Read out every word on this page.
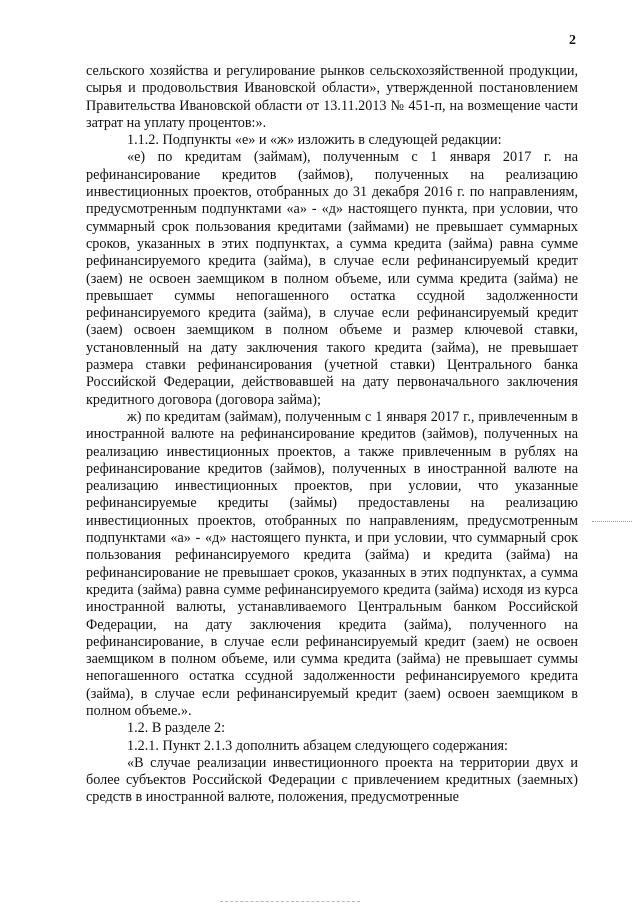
2

сельского хозяйства и регулирование рынков сельскохозяйственной продукции, сырья и продовольствия Ивановской области», утвержденной постановлением Правительства Ивановской области от 13.11.2013 № 451-п, на возмещение части затрат на уплату процентов:».

1.1.2. Подпункты «е» и «ж» изложить в следующей редакции:

«е) по кредитам (займам), полученным с 1 января 2017 г. на рефинансирование кредитов (займов), полученных на реализацию инвестиционных проектов, отобранных до 31 декабря 2016 г. по направлениям, предусмотренным подпунктами «а» - «д» настоящего пункта, при условии, что суммарный срок пользования кредитами (займами) не превышает суммарных сроков, указанных в этих подпунктах, а сумма кредита (займа) равна сумме рефинансируемого кредита (займа), в случае если рефинансируемый кредит (заем) не освоен заемщиком в полном объеме, или сумма кредита (займа) не превышает суммы непогашенного остатка ссудной задолженности рефинансируемого кредита (займа), в случае если рефинансируемый кредит (заем) освоен заемщиком в полном объеме и размер ключевой ставки, установленный на дату заключения такого кредита (займа), не превышает размера ставки рефинансирования (учетной ставки) Центрального банка Российской Федерации, действовавшей на дату первоначального заключения кредитного договора (договора займа);

ж) по кредитам (займам), полученным с 1 января 2017 г., привлеченным в иностранной валюте на рефинансирование кредитов (займов), полученных на реализацию инвестиционных проектов, а также привлеченным в рублях на рефинансирование кредитов (займов), полученных в иностранной валюте на реализацию инвестиционных проектов, при условии, что указанные рефинансируемые кредиты (займы) предоставлены на реализацию инвестиционных проектов, отобранных по направлениям, предусмотренным подпунктами «а» - «д» настоящего пункта, и при условии, что суммарный срок пользования рефинансируемого кредита (займа) и кредита (займа) на рефинансирование не превышает сроков, указанных в этих подпунктах, а сумма кредита (займа) равна сумме рефинансируемого кредита (займа) исходя из курса иностранной валюты, устанавливаемого Центральным банком Российской Федерации, на дату заключения кредита (займа), полученного на рефинансирование, в случае если рефинансируемый кредит (заем) не освоен заемщиком в полном объеме, или сумма кредита (займа) не превышает суммы непогашенного остатка ссудной задолженности рефинансируемого кредита (займа), в случае если рефинансируемый кредит (заем) освоен заемщиком в полном объеме.».

1.2. В разделе 2:

1.2.1. Пункт 2.1.3 дополнить абзацем следующего содержания:

«В случае реализации инвестиционного проекта на территории двух и более субъектов Российской Федерации с привлечением кредитных (заемных) средств в иностранной валюте, положения, предусмотренные
